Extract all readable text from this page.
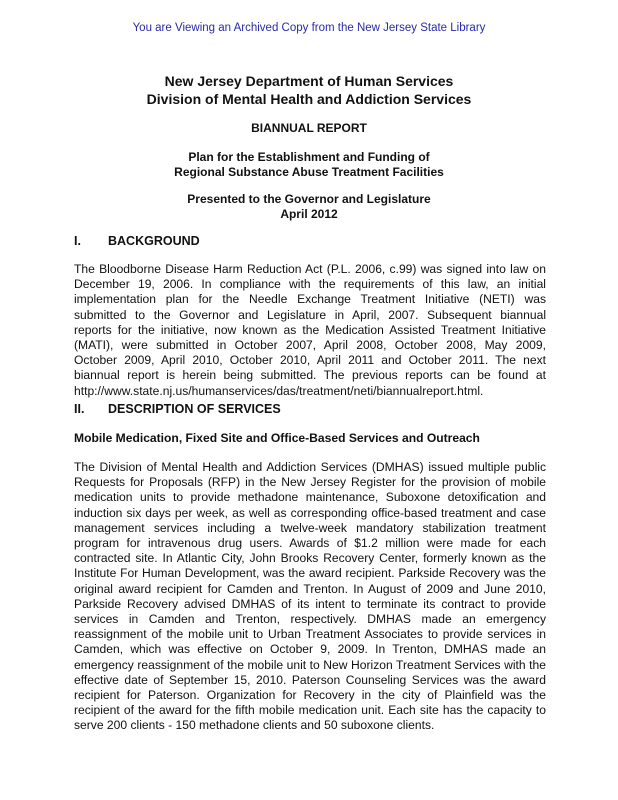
You are Viewing an Archived Copy from the New Jersey State Library
New Jersey Department of Human Services
Division of Mental Health and Addiction Services
BIANNUAL REPORT
Plan for the Establishment and Funding of
Regional Substance Abuse Treatment Facilities
Presented to the Governor and Legislature
April 2012
I. BACKGROUND
The Bloodborne Disease Harm Reduction Act (P.L. 2006, c.99) was signed into law on
December 19, 2006. In compliance with the requirements of this law, an initial
implementation plan for the Needle Exchange Treatment Initiative (NETI) was
submitted to the Governor and Legislature in April, 2007. Subsequent biannual
reports for the initiative, now known as the Medication Assisted Treatment Initiative
(MATI), were submitted in October 2007, April 2008, October 2008, May 2009,
October 2009, April 2010, October 2010, April 2011 and October 2011. The next
biannual report is herein being submitted. The previous reports can be found at
http://www.state.nj.us/humanservices/das/treatment/neti/biannualreport.html.
II. DESCRIPTION OF SERVICES
Mobile Medication, Fixed Site and Office-Based Services and Outreach
The Division of Mental Health and Addiction Services (DMHAS) issued multiple public
Requests for Proposals (RFP) in the New Jersey Register for the provision of mobile
medication units to provide methadone maintenance, Suboxone detoxification and
induction six days per week, as well as corresponding office-based treatment and case
management services including a twelve-week mandatory stabilization treatment
program for intravenous drug users. Awards of $1.2 million were made for each
contracted site. In Atlantic City, John Brooks Recovery Center, formerly known as the
Institute For Human Development, was the award recipient. Parkside Recovery was the
original award recipient for Camden and Trenton. In August of 2009 and June 2010,
Parkside Recovery advised DMHAS of its intent to terminate its contract to provide
services in Camden and Trenton, respectively. DMHAS made an emergency
reassignment of the mobile unit to Urban Treatment Associates to provide services in
Camden, which was effective on October 9, 2009. In Trenton, DMHAS made an
emergency reassignment of the mobile unit to New Horizon Treatment Services with the
effective date of September 15, 2010. Paterson Counseling Services was the award
recipient for Paterson. Organization for Recovery in the city of Plainfield was the
recipient of the award for the fifth mobile medication unit. Each site has the capacity to
serve 200 clients - 150 methadone clients and 50 suboxone clients.
